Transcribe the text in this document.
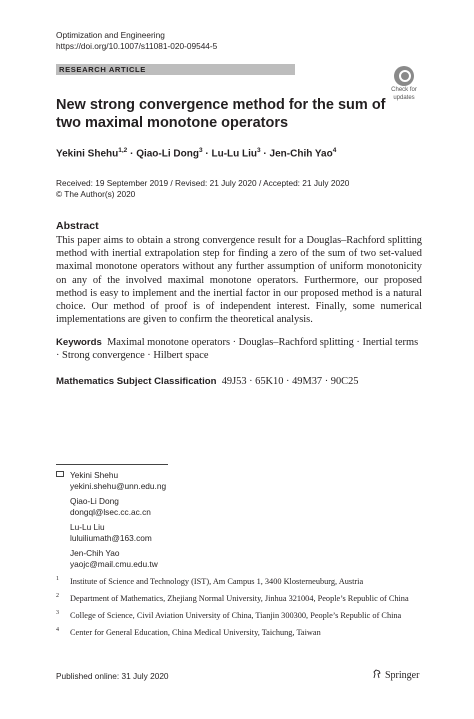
Optimization and Engineering
https://doi.org/10.1007/s11081-020-09544-5
RESEARCH ARTICLE
Check for
updates
New strong convergence method for the sum of two maximal monotone operators
Yekini Shehu$^{1,2}$ · Qiao-Li Dong$^3$ · Lu-Lu Liu$^3$ · Jen-Chih Yao$^4$
Received: 19 September 2019 / Revised: 21 July 2020 / Accepted: 21 July 2020
© The Author(s) 2020
Abstract
This paper aims to obtain a strong convergence result for a Douglas–Rachford splitting method with inertial extrapolation step for finding a zero of the sum of two set-valued maximal monotone operators without any further assumption of uniform monotonicity on any of the involved maximal monotone operators. Furthermore, our proposed method is easy to implement and the inertial factor in our proposed method is a natural choice. Our method of proof is of independent interest. Finally, some numerical implementations are given to confirm the theoretical analysis.
Keywords Maximal monotone operators · Douglas–Rachford splitting · Inertial terms · Strong convergence · Hilbert space
Mathematics Subject Classification 49J53 · 65K10 · 49M37 · 90C25
Yekini Shehu
yekini.shehu@unn.edu.ng
Qiao-Li Dong
dongql@lsec.cc.ac.cn
Lu-Lu Liu
luluiliumath@163.com
Jen-Chih Yao
yaojc@mail.cmu.edu.tw
1 Institute of Science and Technology (IST), Am Campus 1, 3400 Klosterneuburg, Austria
2 Department of Mathematics, Zhejiang Normal University, Jinhua 321004, People’s Republic of China
3 College of Science, Civil Aviation University of China, Tianjin 300300, People’s Republic of China
4 Center for General Education, China Medical University, Taichung, Taiwan
Published online: 31 July 2020	Springer
